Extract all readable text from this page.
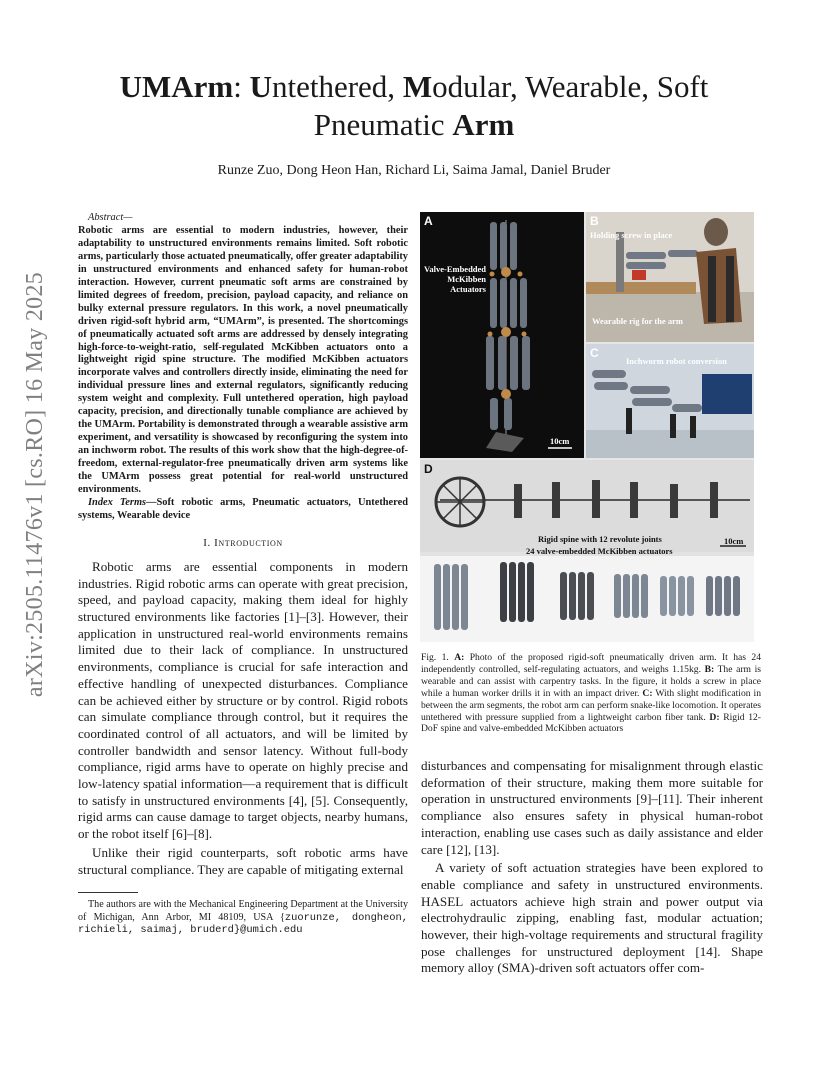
arXiv:2505.11476v1 [cs.RO] 16 May 2025
UMArm: Untethered, Modular, Wearable, Soft
Pneumatic Arm
Runze Zuo, Dong Heon Han, Richard Li, Saima Jamal, Daniel Bruder

Abstract—
Robotic arms are essential to modern industries, however, their adaptability to unstructured environments remains limited. Soft robotic arms, particularly those actuated pneumatically, offer greater adaptability in unstructured environments and enhanced safety for human-robot interaction. However, current pneumatic soft arms are constrained by limited degrees of freedom, precision, payload capacity, and reliance on bulky external pressure regulators. In this work, a novel pneumatically driven rigid-soft hybrid arm, “UMArm”, is presented. The shortcomings of pneumatically actuated soft arms are addressed by densely integrating high-force-to-weight-ratio, self-regulated McKibben actuators onto a lightweight rigid spine structure. The modified McKibben actuators incorporate valves and controllers directly inside, eliminating the need for individual pressure lines and external regulators, significantly reducing system weight and complexity. Full untethered operation, high payload capacity, precision, and directionally tunable compliance are achieved by the UMArm. Portability is demonstrated through a wearable assistive arm experiment, and versatility is showcased by reconfiguring the system into an inchworm robot. The results of this work show that the high-degree-of-freedom, external-regulator-free pneumatically driven arm systems like the UMArm possess great potential for real-world unstructured environments.

Index Terms—Soft robotic arms, Pneumatic actuators, Untethered systems, Wearable device

I. Introduction

Robotic arms are essential components in modern industries. Rigid robotic arms can operate with great precision, speed, and payload capacity, making them ideal for highly structured environments like factories [1]–[3]. However, their application in unstructured real-world environments remains limited due to their lack of compliance. In unstructured environments, compliance is crucial for safe interaction and effective handling of unexpected disturbances. Compliance can be achieved either by structure or by control. Rigid robots can simulate compliance through control, but it requires the coordinated control of all actuators, and will be limited by controller bandwidth and sensor latency. Without full-body compliance, rigid arms have to operate on highly precise and low-latency spatial information—a requirement that is difficult to satisfy in unstructured environments [4], [5]. Consequently, rigid arms can cause damage to target objects, nearby humans, or the robot itself [6]–[8].

Unlike their rigid counterparts, soft robotic arms have structural compliance. They are capable of mitigating external

The authors are with the Mechanical Engineering Department at the University of Michigan, Ann Arbor, MI 48109, USA {zuorunze, dongheon, richieli, saimaj, bruderd}@umich.edu

A
Valve-Embedded
McKibben
Actuators
10cm
B
Holding screw in place
Wearable rig for the arm
C
Inchworm robot conversion
D
Rigid spine with 12 revolute joints	10cm
24 valve-embedded McKibben actuators

Fig. 1. A: Photo of the proposed rigid-soft pneumatically driven arm. It has 24 independently controlled, self-regulating actuators, and weighs 1.15kg. B: The arm is wearable and can assist with carpentry tasks. In the figure, it holds a screw in place while a human worker drills it in with an impact driver. C: With slight modification in between the arm segments, the robot arm can perform snake-like locomotion. It operates untethered with pressure supplied from a lightweight carbon fiber tank. D: Rigid 12-DoF spine and valve-embedded McKibben actuators

disturbances and compensating for misalignment through elastic deformation of their structure, making them more suitable for operation in unstructured environments [9]–[11]. Their inherent compliance also ensures safety in physical human-robot interaction, enabling use cases such as daily assistance and elder care [12], [13].

A variety of soft actuation strategies have been explored to enable compliance and safety in unstructured environments. HASEL actuators achieve high strain and power output via electrohydraulic zipping, enabling fast, modular actuation; however, their high-voltage requirements and structural fragility pose challenges for unstructured deployment [14]. Shape memory alloy (SMA)-driven soft actuators offer com-
